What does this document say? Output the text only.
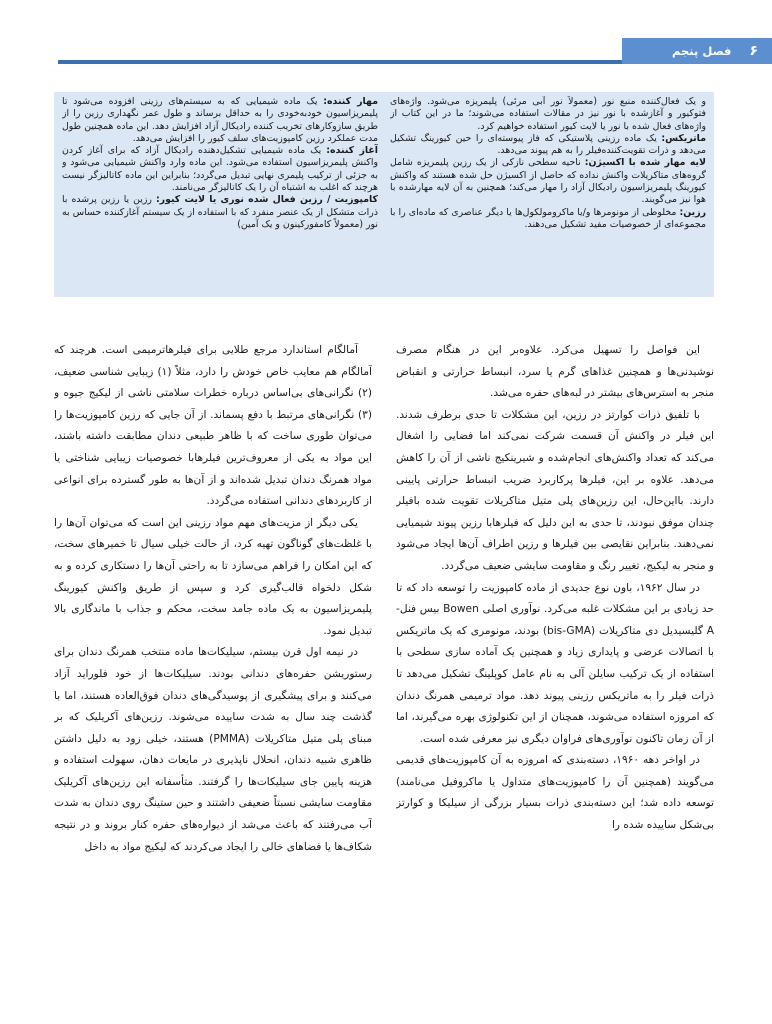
۶
فصل پنجم

مهار کننده: یک ماده شیمیایی که به سیستم‌های رزینی افزوده می‌شود تا پلیمریزاسیون خودبه‌خودی را به حداقل برساند و طول عمر نگهداری رزین را از طریق سازوکارهای تخریب کننده رادیکال آزاد افزایش دهد. این ماده همچنین طول مدت عملکرد رزین کامپوزیت‌های سلف کیور را افزایش می‌دهد.

آغاز کننده: یک ماده شیمیایی تشکیل‌دهنده رادیکال آزاد که برای آغاز کردن واکنش پلیمریزاسیون استفاده می‌شود. این ماده وارد واکنش شیمیایی می‌شود و به جزئی از ترکیب پلیمری نهایی تبدیل می‌گردد؛ بنابراین این ماده کاتالیزگر نیست هرچند که اغلب به اشتباه آن را یک کاتالیزگر می‌نامند.

کامپوزیت / رزین فعال شده نوری یا لایت کیور: رزین یا رزین پرشده با ذرات متشکل از یک عنصر منفرد که با استفاده از یک سیستم آغازکننده حساس به نور (معمولاً کامفورکینون و یک آمین)

و یک فعال‌کننده منبع نور (معمولاً نور آبی مرئی) پلیمریزه می‌شود. واژه‌های فتوکیور و آغازشده با نور نیز در مقالات استفاده می‌شوند؛ ما در این کتاب از واژه‌های فعال شده با نور یا لایت کیور استفاده خواهیم کرد.

ماتریکس: یک ماده رزینی پلاستیکی که فاز پیوسته‌ای را حین کیورینگ تشکیل می‌دهد و ذرات تقویت‌کننده‌فیلر را به هم پیوند می‌دهد.

لایه مهار شده با اکسیژن: ناحیه سطحی نازکی از یک رزین پلیمریزه شامل گروه‌های متاکریلات واکنش نداده که حاصل از اکسیژن حل شده هستند که واکنش کیورینگ پلیمریزاسیون رادیکال آزاد را مهار می‌کند؛ همچنین به آن لایه مهارشده با هوا نیز می‌گویند.

رزین: مخلوطی از مونومرها و/یا ماکرومولکول‌ها یا دیگر عناصری که ماده‌ای را با مجموعه‌ای از خصوصیات مفید تشکیل می‌دهند.

آمالگام استاندارد مرجع طلایی برای فیلرهاترمیمی است. هرچند که آمالگام هم معایب خاص خودش را دارد، مثلاً (۱) زیبایی شناسی ضعیف، (۲) نگرانی‌های بی‌اساس درباره خطرات سلامتی ناشی از لیکیج جیوه و (۳) نگرانی‌های مرتبط با دفع پسماند. از آن جایی که رزین کامپوزیت‌ها را می‌توان طوری ساخت که با ظاهر طبیعی دندان مطابقت داشته باشند، این مواد به یکی از معروف‌ترین فیلرهابا خصوصیات زیبایی شناختی یا مواد همرنگ دندان تبدیل شده‌اند و از آن‌ها به طور گسترده برای انواعی از کاربردهای دندانی استفاده می‌گردد.

یکی دیگر از مزیت‌های مهم مواد رزینی این است که می‌توان آن‌ها را با غلظت‌های گوناگون تهیه کرد، از حالت خیلی سیال تا خمیرهای سخت، که این امکان را فراهم می‌سازد تا به راحتی آن‌ها را دستکاری کرده و به شکل دلخواه قالب‌گیری کرد و سپس از طریق واکنش کیورینگ پلیمریزاسیون به یک ماده جامد سخت، محکم و جذاب با ماندگاری بالا تبدیل نمود.

در نیمه اول قرن بیستم، سیلیکات‌ها ماده منتخب همرنگ دندان برای رستوریشن حفره‌های دندانی بودند. سیلیکات‌ها از خود فلوراید آزاد می‌کنند و برای پیشگیری از پوسیدگی‌های دندان فوق‌العاده هستند، اما با گذشت چند سال به شدت ساییده می‌شوند. رزین‌های آکریلیک که بر مبنای پلی متیل متاکریلات (PMMA) هستند، خیلی زود به دلیل داشتن ظاهری شبیه دندان، انحلال ناپذیری در مایعات دهان، سهولت استفاده و هزینه پایین جای سیلیکات‌ها را گرفتند. متأسفانه این رزین‌های آکریلیک مقاومت سایشی نسبتاً ضعیفی داشتند و حین ستینگ روی دندان به شدت آب می‌رفتند که باعث می‌شد از دیواره‌های حفره کنار بروند و در نتیجه شکاف‌ها یا فضاهای خالی را ایجاد می‌کردند که لیکیج مواد به داخل

این فواصل را تسهیل می‌کرد. علاوه‌بر این در هنگام مصرف نوشیدنی‌ها و همچنین غذاهای گرم یا سرد، انبساط حرارتی و انقباض منجر به استرس‌های بیشتر در لبه‌های حفره می‌شد.

با تلفیق ذرات کوارتز در رزین، این مشکلات تا حدی برطرف شدند. این فیلر در واکنش آن قسمت شرکت نمی‌کند اما فضایی را اشغال می‌کند که تعداد واکنش‌های انجام‌شده و شیرینکیج ناشی از آن را کاهش می‌دهد. علاوه بر این، فیلرها پرکاربرد ضریب انبساط حرارتی پایینی دارند. بااین‌حال، این رزین‌های پلی متیل متاکریلات تقویت شده بافیلر چندان موفق نبودند، تا حدی به این دلیل که فیلرهابا رزین پیوند شیمیایی نمی‌دهند. بنابراین نقایصی بین فیلرها و رزین اطراف آن‌ها ایجاد می‌شود و منجر به لیکیج، تغییر رنگ و مقاومت سایشی ضعیف می‌گردد.

در سال ۱۹۶۲، باون نوع جدیدی از ماده کامپوزیت را توسعه داد که تا حد زیادی بر این مشکلات غلبه می‌کرد. نوآوری اصلی Bowen بیس فنل-A گلیسیدیل دی متاکریلات (bis-GMA) بودند، مونومری که یک ماتریکس با اتصالات عرضی و پایداری زیاد و همچنین یک آماده سازی سطحی با استفاده از یک ترکیب سایلن آلی به نام عامل کوپلینگ تشکیل می‌دهد تا ذرات فیلر را به ماتریکس رزینی پیوند دهد. مواد ترمیمی همرنگ دندان که امروزه استفاده می‌شوند، همچنان از این تکنولوژی بهره می‌گیرند، اما از آن زمان تاکنون نوآوری‌های فراوان دیگری نیز معرفی شده است.

در اواخر دهه ۱۹۶۰، دسته‌بندی که امروزه به آن کامپوزیت‌های قدیمی می‌گویند (همچنین آن را کامپوزیت‌های متداول یا ماکروفیل می‌نامند) توسعه داده شد؛ این دسته‌بندی ذرات بسیار بزرگی از سیلیکا و کوارتز بی‌شکل ساییده شده را
